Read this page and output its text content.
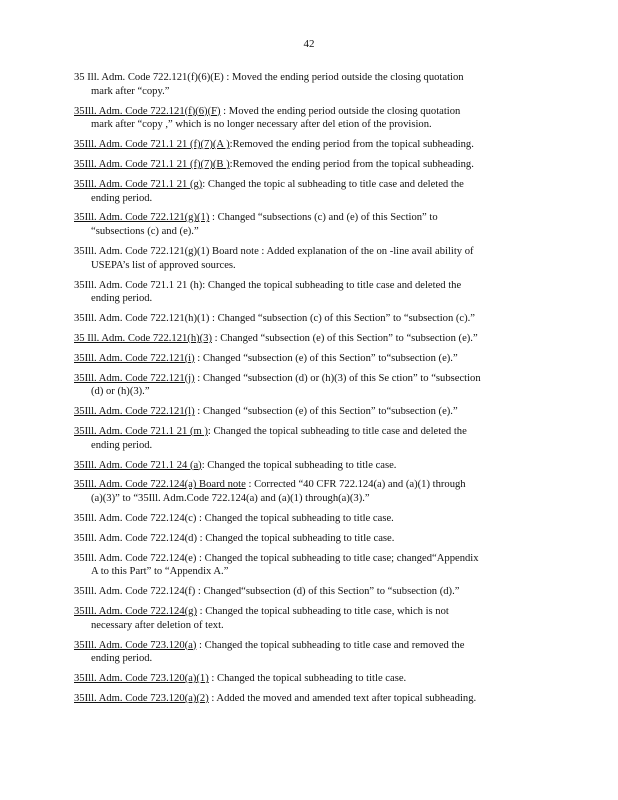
42
35 Ill. Adm. Code 722.121(f)(6)(E) : Moved the ending period outside the closing quotation
mark after “copy.”
35Ill. Adm. Code 722.121(f)(6)(F) : Moved the ending period outside the closing quotation
mark after “copy ,” which is no longer necessary after del etion of the provision.
35Ill. Adm. Code 721.1 21 (f)(7)(A ):Removed the ending period from the topical subheading.
35Ill. Adm. Code 721.1 21 (f)(7)(B ):Removed the ending period from the topical subheading.
35Ill. Adm. Code 721.1 21 (g): Changed the topic al subheading to title case and deleted the
ending period.
35Ill. Adm. Code 722.121(g)(1) : Changed “subsections (c) and (e) of this Section” to
“subsections (c) and (e).”
35Ill. Adm. Code 722.121(g)(1) Board note : Added explanation of the on -line avail ability of
USEPA’s list of approved sources.
35Ill. Adm. Code 721.1 21 (h): Changed the topical subheading to title case and deleted the
ending period.
35Ill. Adm. Code 722.121(h)(1) : Changed “subsection (c) of this Section” to “subsection (c).”
35 Ill. Adm. Code 722.121(h)(3) : Changed “subsection (e) of this Section” to “subsection (e).”
35Ill. Adm. Code 722.121(i) : Changed “subsection (e) of this Section” to“subsection (e).”
35Ill. Adm. Code 722.121(j) : Changed “subsection (d) or (h)(3) of this Se ction” to “subsection
(d) or (h)(3).”
35Ill. Adm. Code 722.121(l) : Changed “subsection (e) of this Section” to“subsection (e).”
35Ill. Adm. Code 721.1 21 (m ): Changed the topical subheading to title case and deleted the
ending period.
35Ill. Adm. Code 721.1 24 (a): Changed the topical subheading to title case.
35Ill. Adm. Code 722.124(a) Board note : Corrected “40 CFR 722.124(a) and (a)(1) through
(a)(3)” to “35Ill. Adm.Code 722.124(a) and (a)(1) through(a)(3).”
35Ill. Adm. Code 722.124(c) : Changed the topical subheading to title case.
35Ill. Adm. Code 722.124(d) : Changed the topical subheading to title case.
35Ill. Adm. Code 722.124(e) : Changed the topical subheading to title case; changed“Appendix
A to this Part” to “Appendix A.”
35Ill. Adm. Code 722.124(f) : Changed“subsection (d) of this Section” to “subsection (d).”
35Ill. Adm. Code 722.124(g) : Changed the topical subheading to title case, which is not
necessary after deletion of text.
35Ill. Adm. Code 723.120(a) : Changed the topical subheading to title case and removed the
ending period.
35Ill. Adm. Code 723.120(a)(1) : Changed the topical subheading to title case.
35Ill. Adm. Code 723.120(a)(2) : Added the moved and amended text after topical subheading.
